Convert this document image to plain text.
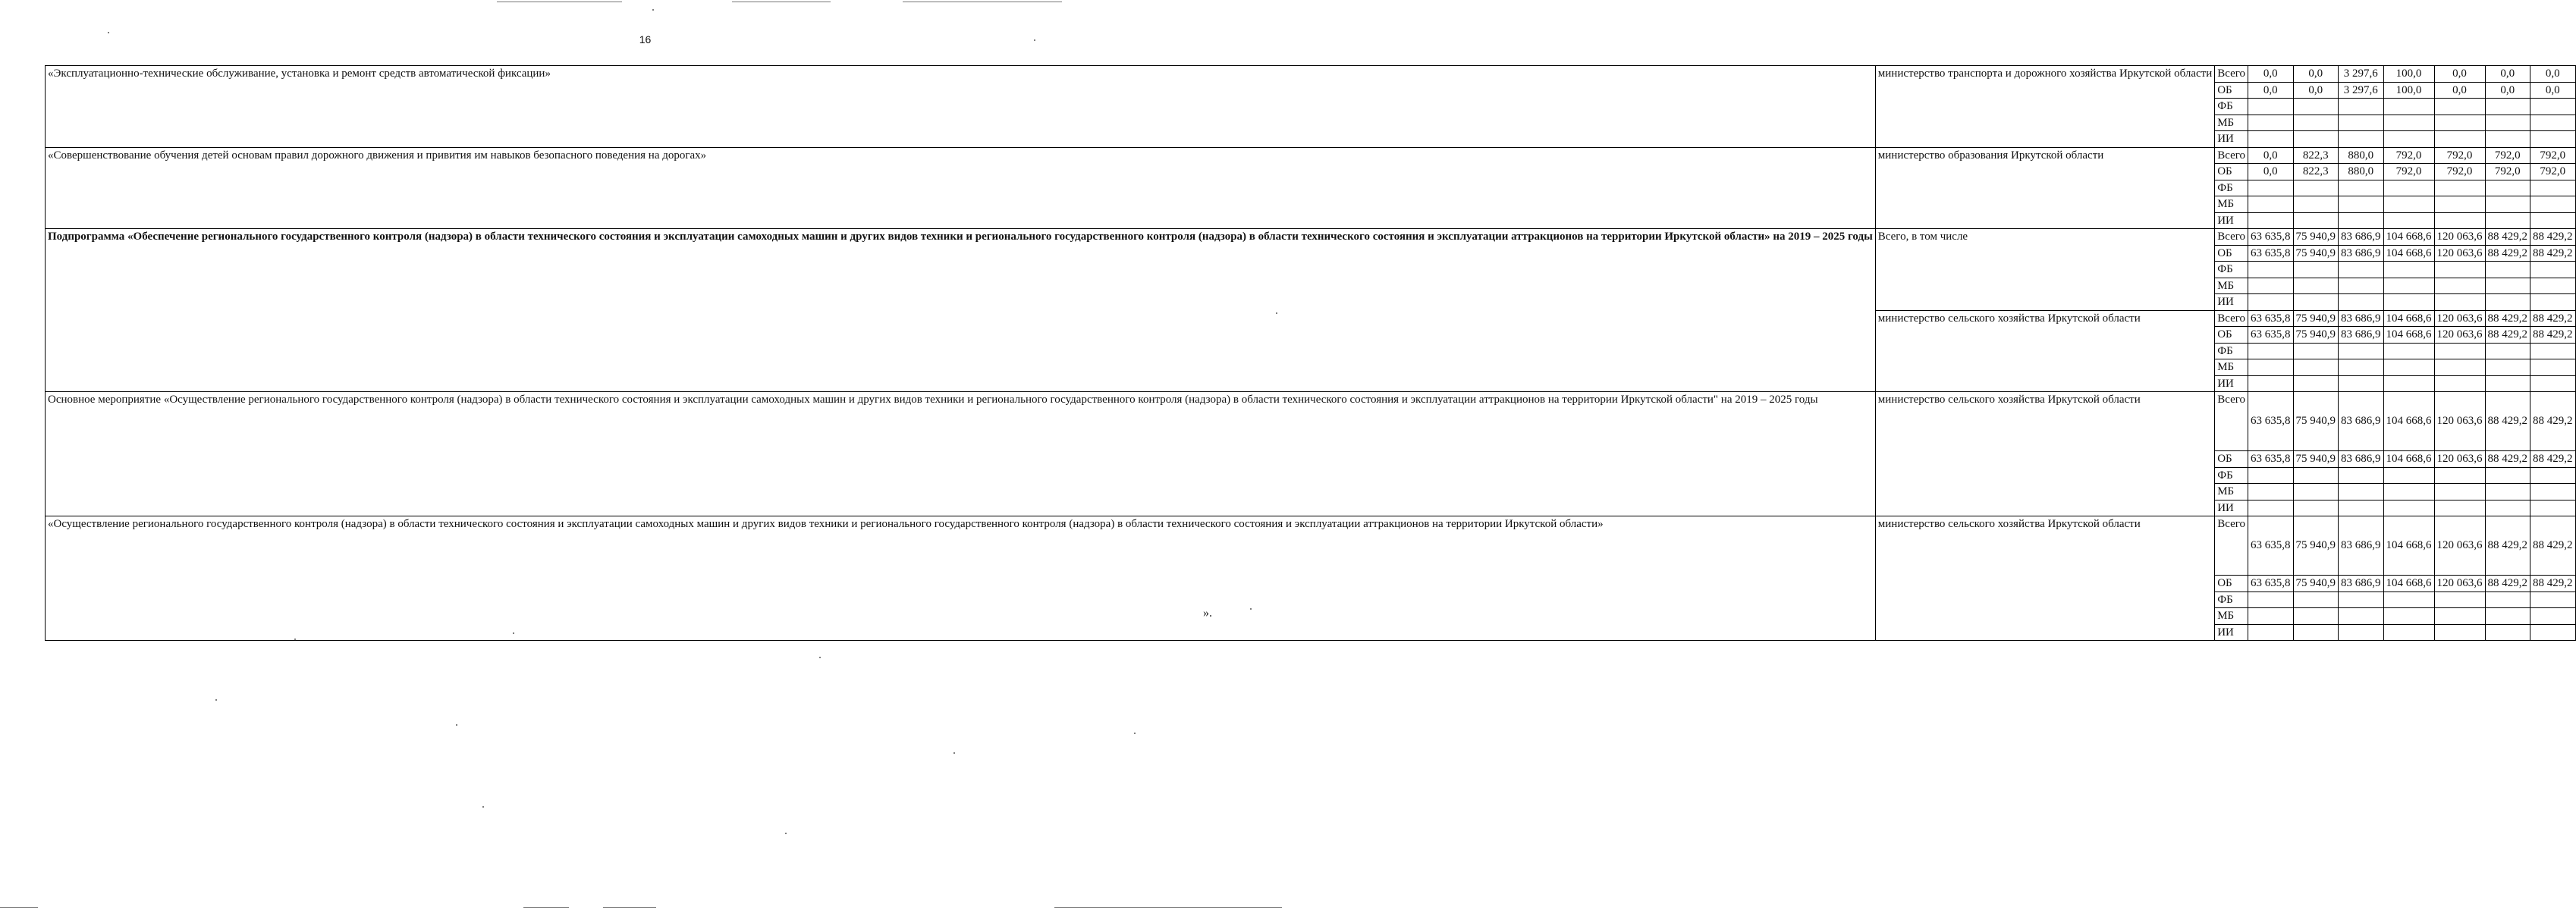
16
«Эксплуатационно-технические обслуживание, установка и ремонт средств автоматической фиксации»	министерство транспорта и дорожного хозяйства Иркутской области	Всего	0,0	0,0	3 297,6	100,0	0,0	0,0	0,0
		ОБ	0,0	0,0	3 297,6	100,0	0,0	0,0	0,0
		ФБ							
		МБ							
		ИИ							
«Совершенствование обучения детей основам правил дорожного движения и привития им навыков безопасного поведения на дорогах»	министерство образования Иркутской области	Всего	0,0	822,3	880,0	792,0	792,0	792,0	792,0
		ОБ	0,0	822,3	880,0	792,0	792,0	792,0	792,0
		ФБ							
		МБ							
		ИИ							
Подпрограмма «Обеспечение регионального государственного контроля (надзора) в области технического состояния и эксплуатации самоходных машин и других видов техники и регионального государственного контроля (надзора) в области технического состояния и эксплуатации аттракционов на территории Иркутской области» на 2019 – 2025 годы	Всего, в том числе	Всего	63 635,8	75 940,9	83 686,9	104 668,6	120 063,6	88 429,2	88 429,2
		ОБ	63 635,8	75 940,9	83 686,9	104 668,6	120 063,6	88 429,2	88 429,2
		ФБ							
		МБ							
		ИИ							
	министерство сельского хозяйства Иркутской области	Всего	63 635,8	75 940,9	83 686,9	104 668,6	120 063,6	88 429,2	88 429,2
		ОБ	63 635,8	75 940,9	83 686,9	104 668,6	120 063,6	88 429,2	88 429,2
		ФБ							
		МБ							
		ИИ							
Основное мероприятие «Осуществление регионального государственного контроля (надзора) в области технического состояния и эксплуатации самоходных машин и других видов техники и регионального государственного контроля (надзора) в области технического состояния и эксплуатации аттракционов на территории Иркутской области" на 2019 – 2025 годы	министерство сельского хозяйства Иркутской области	Всего	63 635,8	75 940,9	83 686,9	104 668,6	120 063,6	88 429,2	88 429,2
		ОБ	63 635,8	75 940,9	83 686,9	104 668,6	120 063,6	88 429,2	88 429,2
		ФБ							
		МБ							
		ИИ							
«Осуществление регионального государственного контроля (надзора) в области технического состояния и эксплуатации самоходных машин и других видов техники и регионального государственного контроля (надзора) в области технического состояния и эксплуатации аттракционов на территории Иркутской области»	министерство сельского хозяйства Иркутской области	Всего	63 635,8	75 940,9	83 686,9	104 668,6	120 063,6	88 429,2	88 429,2
		ОБ	63 635,8	75 940,9	83 686,9	104 668,6	120 063,6	88 429,2	88 429,2
		ФБ							
		МБ							
		ИИ							
».
